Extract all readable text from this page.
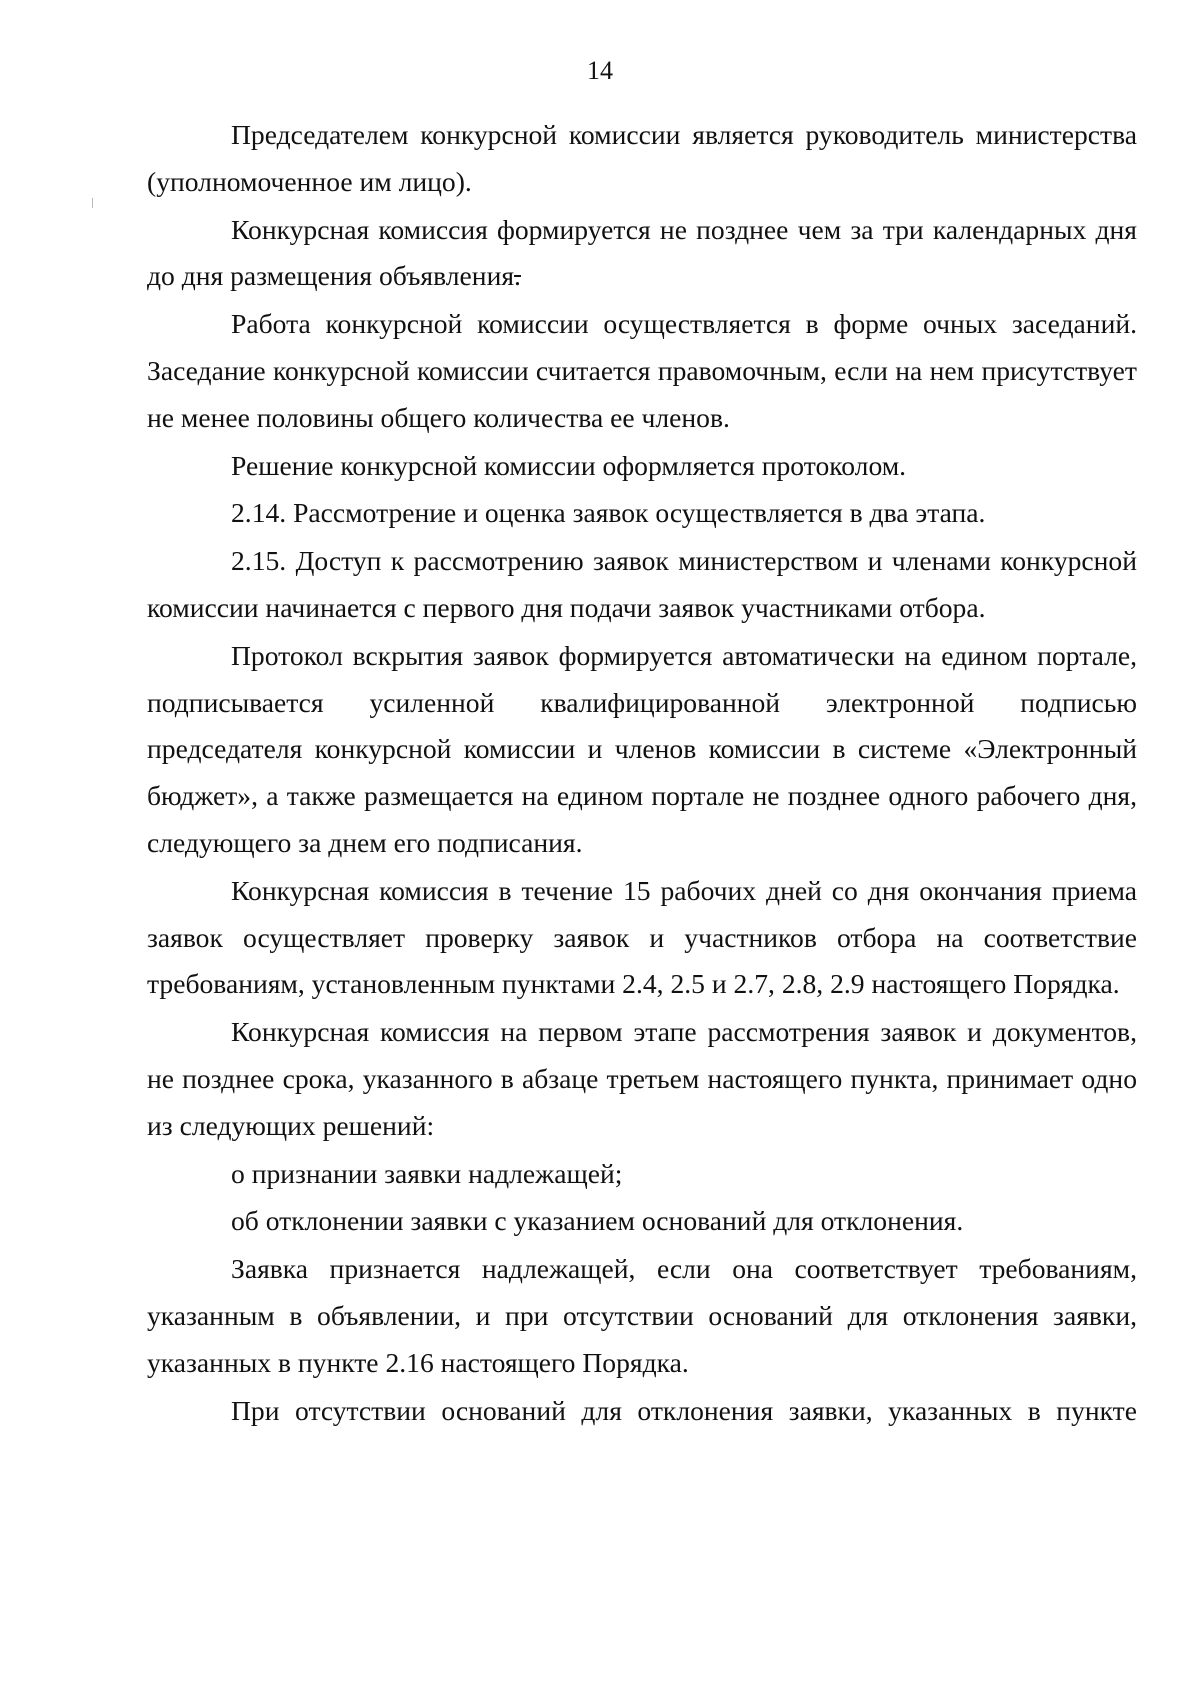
14

Председателем конкурсной комиссии является руководитель министерства (уполномоченное им лицо).

Конкурсная комиссия формируется не позднее чем за три календарных дня до дня размещения объявления.

Работа конкурсной комиссии осуществляется в форме очных заседаний. Заседание конкурсной комиссии считается правомочным, если на нем присутствует не менее половины общего количества ее членов.

Решение конкурсной комиссии оформляется протоколом.

2.14. Рассмотрение и оценка заявок осуществляется в два этапа.

2.15. Доступ к рассмотрению заявок министерством и членами конкурсной комиссии начинается с первого дня подачи заявок участниками отбора.

Протокол вскрытия заявок формируется автоматически на едином портале, подписывается усиленной квалифицированной электронной подписью председателя конкурсной комиссии и членов комиссии в системе «Электронный бюджет», а также размещается на едином портале не позднее одного рабочего дня, следующего за днем его подписания.

Конкурсная комиссия в течение 15 рабочих дней со дня окончания приема заявок осуществляет проверку заявок и участников отбора на соответствие требованиям, установленным пунктами 2.4, 2.5 и 2.7, 2.8, 2.9 настоящего Порядка.

Конкурсная комиссия на первом этапе рассмотрения заявок и документов, не позднее срока, указанного в абзаце третьем настоящего пункта, принимает одно из следующих решений:

о признании заявки надлежащей;

об отклонении заявки с указанием оснований для отклонения.

Заявка признается надлежащей, если она соответствует требованиям, указанным в объявлении, и при отсутствии оснований для отклонения заявки, указанных в пункте 2.16 настоящего Порядка.

При отсутствии оснований для отклонения заявки, указанных в пункте
